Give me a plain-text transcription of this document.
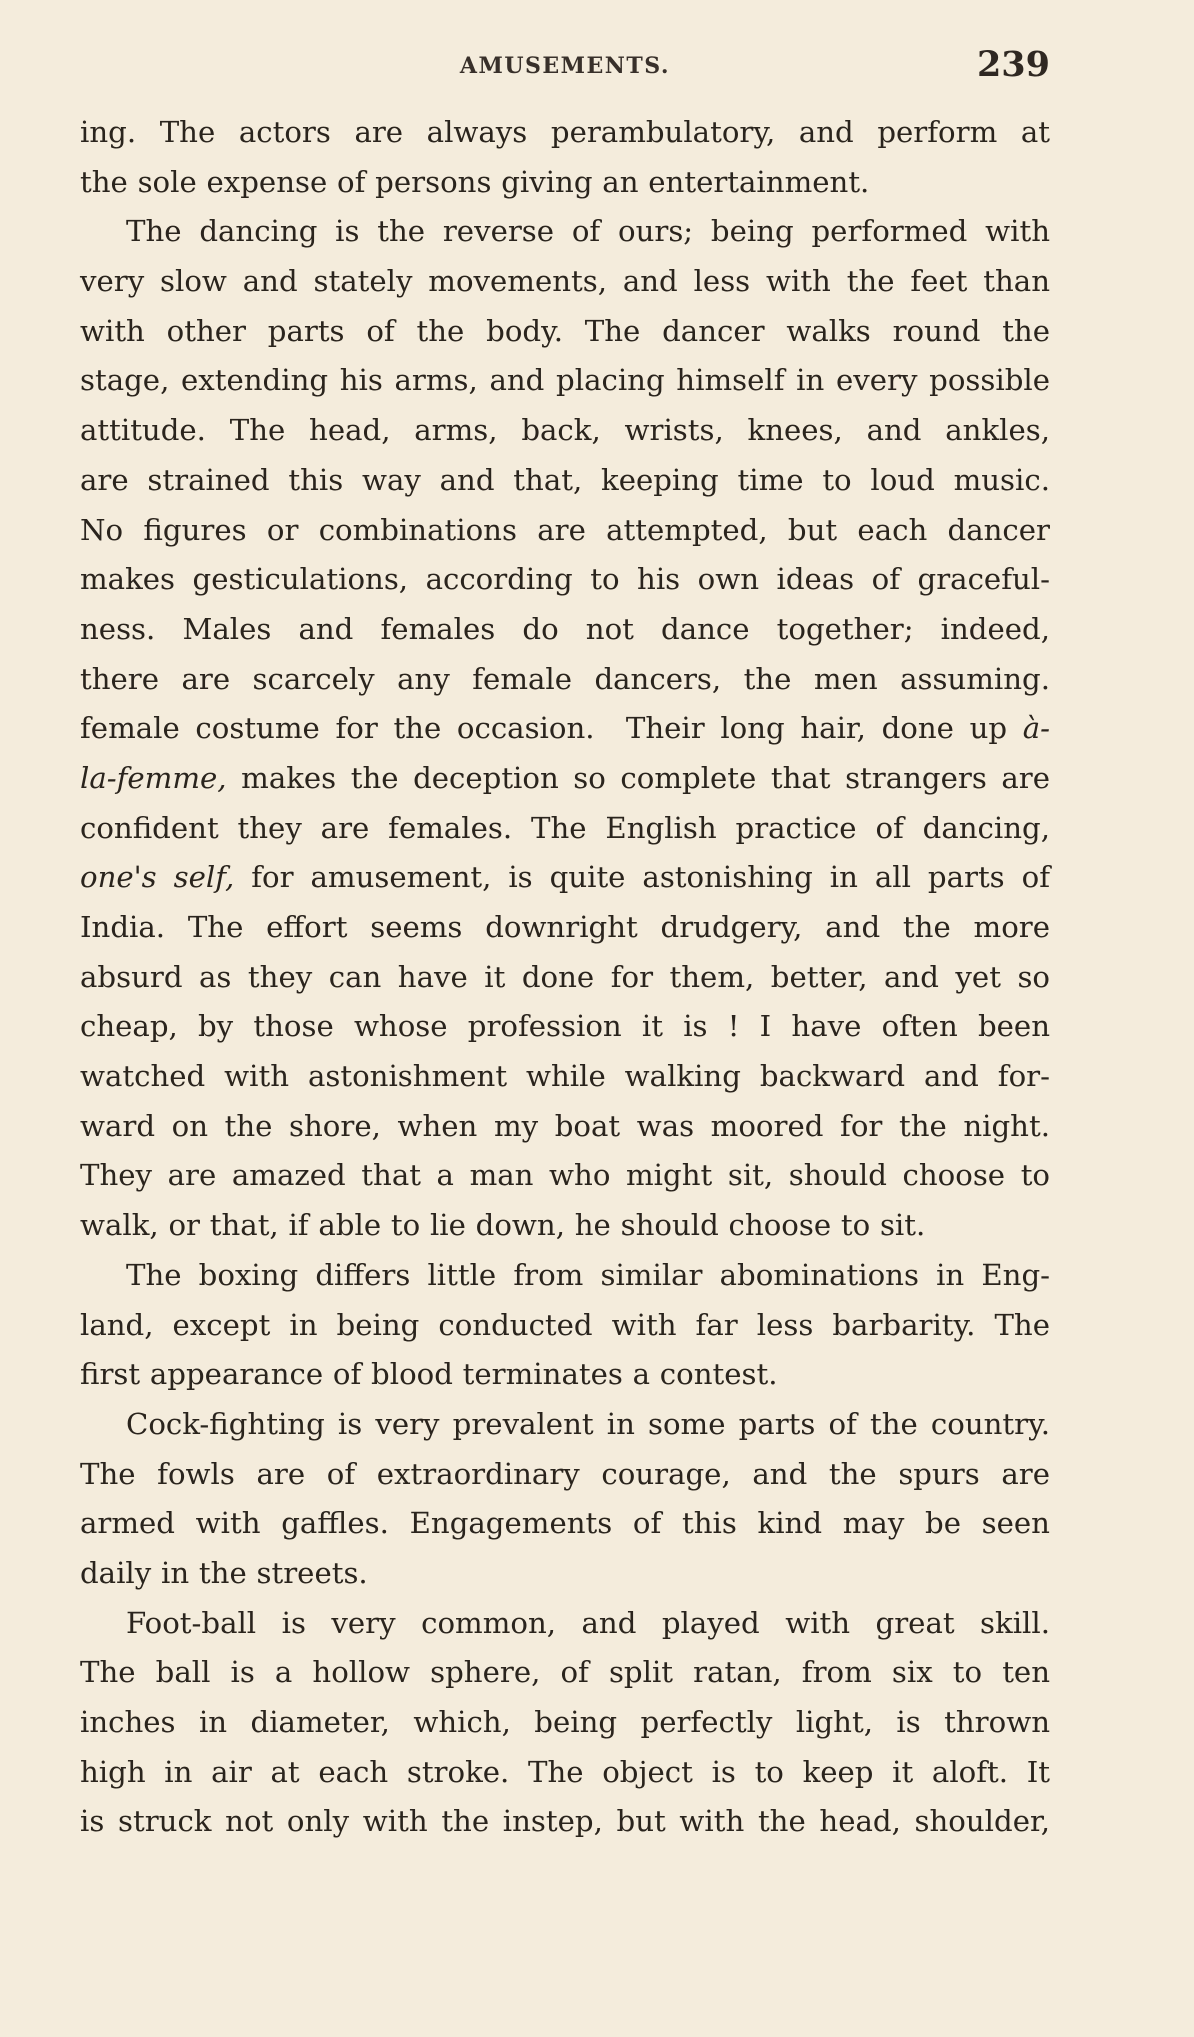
AMUSEMENTS.	239
ing. The actors are always perambulatory, and perform at
the sole expense of persons giving an entertainment.
The dancing is the reverse of ours; being performed with
very slow and stately movements, and less with the feet than
with other parts of the body. The dancer walks round the
stage, extending his arms, and placing himself in every possible
attitude. The head, arms, back, wrists, knees, and ankles,
are strained this way and that, keeping time to loud music.
No figures or combinations are attempted, but each dancer
makes gesticulations, according to his own ideas of graceful-
ness. Males and females do not dance together; indeed,
there are scarcely any female dancers, the men assuming.
female costume for the occasion.  Their long hair, done up à-
la-femme, makes the deception so complete that strangers are
confident they are females. The English practice of dancing,
one's self, for amusement, is quite astonishing in all parts of
India. The effort seems downright drudgery, and the more
absurd as they can have it done for them, better, and yet so
cheap, by those whose profession it is ! I have often been
watched with astonishment while walking backward and for-
ward on the shore, when my boat was moored for the night.
They are amazed that a man who might sit, should choose to
walk, or that, if able to lie down, he should choose to sit.
The boxing differs little from similar abominations in Eng-
land, except in being conducted with far less barbarity. The
first appearance of blood terminates a contest.
Cock-fighting is very prevalent in some parts of the country.
The fowls are of extraordinary courage, and the spurs are
armed with gaffles. Engagements of this kind may be seen
daily in the streets.
Foot-ball is very common, and played with great skill.
The ball is a hollow sphere, of split ratan, from six to ten
inches in diameter, which, being perfectly light, is thrown
high in air at each stroke. The object is to keep it aloft. It
is struck not only with the instep, but with the head, shoulder,
